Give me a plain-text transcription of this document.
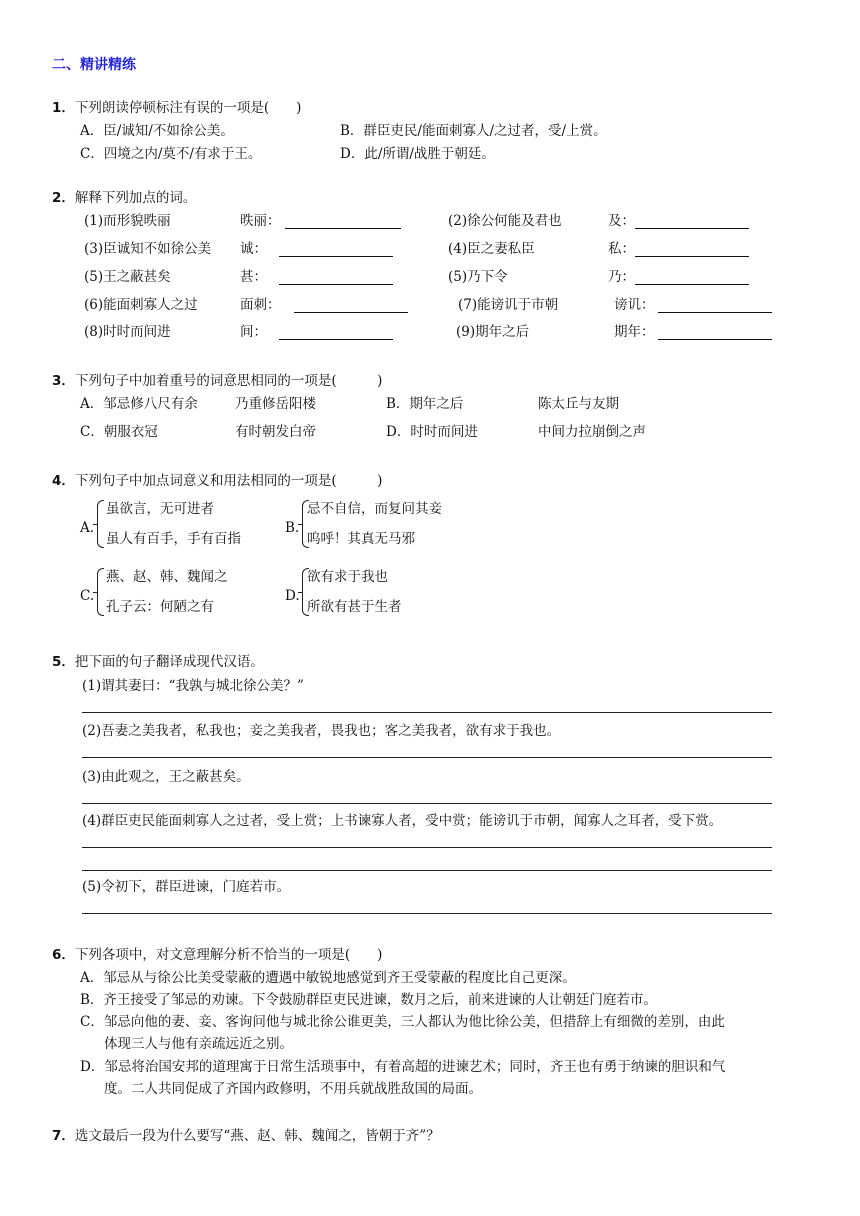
二、精讲精练
1．下列朗读停顿标注有误的一项是(　　)
A．臣/诚知/不如徐公美。	B．群臣吏民/能面刺寡人/之过者，受/上赏。
C．四境之内/莫不/有求于王。	D．此/所谓/战胜于朝廷。
2．解释下列加点的词。
(1)而形貌昳丽	昳丽：	(2)徐公何能及君也	及：
(3)臣诚知不如徐公美 诚：	(4)臣之妻私臣	私：
(5)王之蔽甚矣	甚：	(5)乃下令	乃：
(6)能面刺寡人之过	面刺：	(7)能谤讥于市朝	谤讥：
(8)时时而间进	间：	(9)期年之后	期年：
3．下列句子中加着重号的词意思相同的一项是(　　　)
A．邹忌修八尺有余	乃重修岳阳楼	B．期年之后	陈太丘与友期
C．朝服衣冠	有时朝发白帝	D．时时而间进	中间力拉崩倒之声
4．下列句子中加点词意义和用法相同的一项是(　　　)
A.
虽欲言，无可进者
虽人有百手，手有百指
B.
忌不自信，而复问其妾
呜呼！其真无马邪
C.
燕、赵、韩、魏闻之
孔子云：何陋之有
D.
欲有求于我也
所欲有甚于生者
5．把下面的句子翻译成现代汉语。
(1)谓其妻曰：“我孰与城北徐公美？”
(2)吾妻之美我者，私我也；妾之美我者，畏我也；客之美我者，欲有求于我也。
(3)由此观之，王之蔽甚矣。
(4)群臣吏民能面刺寡人之过者，受上赏；上书谏寡人者，受中赏；能谤讥于市朝，闻寡人之耳者，受下赏。
(5)令初下，群臣进谏，门庭若市。
6．下列各项中，对文意理解分析不恰当的一项是(　　)
A．邹忌从与徐公比美受蒙蔽的遭遇中敏锐地感觉到齐王受蒙蔽的程度比自己更深。
B．齐王接受了邹忌的劝谏。下令鼓励群臣吏民进谏，数月之后，前来进谏的人让朝廷门庭若市。
C．邹忌向他的妻、妾、客询问他与城北徐公谁更美，三人都认为他比徐公美，但措辞上有细微的差别，由此
体现三人与他有亲疏远近之别。
D．邹忌将治国安邦的道理寓于日常生活琐事中，有着高超的进谏艺术；同时，齐王也有勇于纳谏的胆识和气
度。二人共同促成了齐国内政修明，不用兵就战胜敌国的局面。
7．选文最后一段为什么要写“燕、赵、韩、魏闻之，皆朝于齐”？
